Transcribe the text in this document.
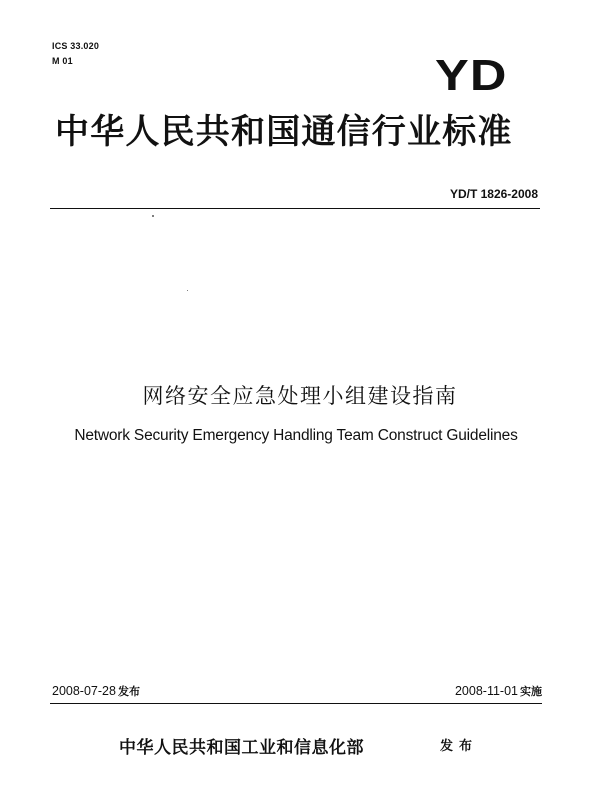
ICS 33.020
M 01	YD
中华人民共和国通信行业标准
YD/T 1826-2008
网络安全应急处理小组建设指南
Network Security Emergency Handling Team Construct Guidelines
2008-07-28 发布	2008-11-01 实施
中华人民共和国工业和信息化部	发布
